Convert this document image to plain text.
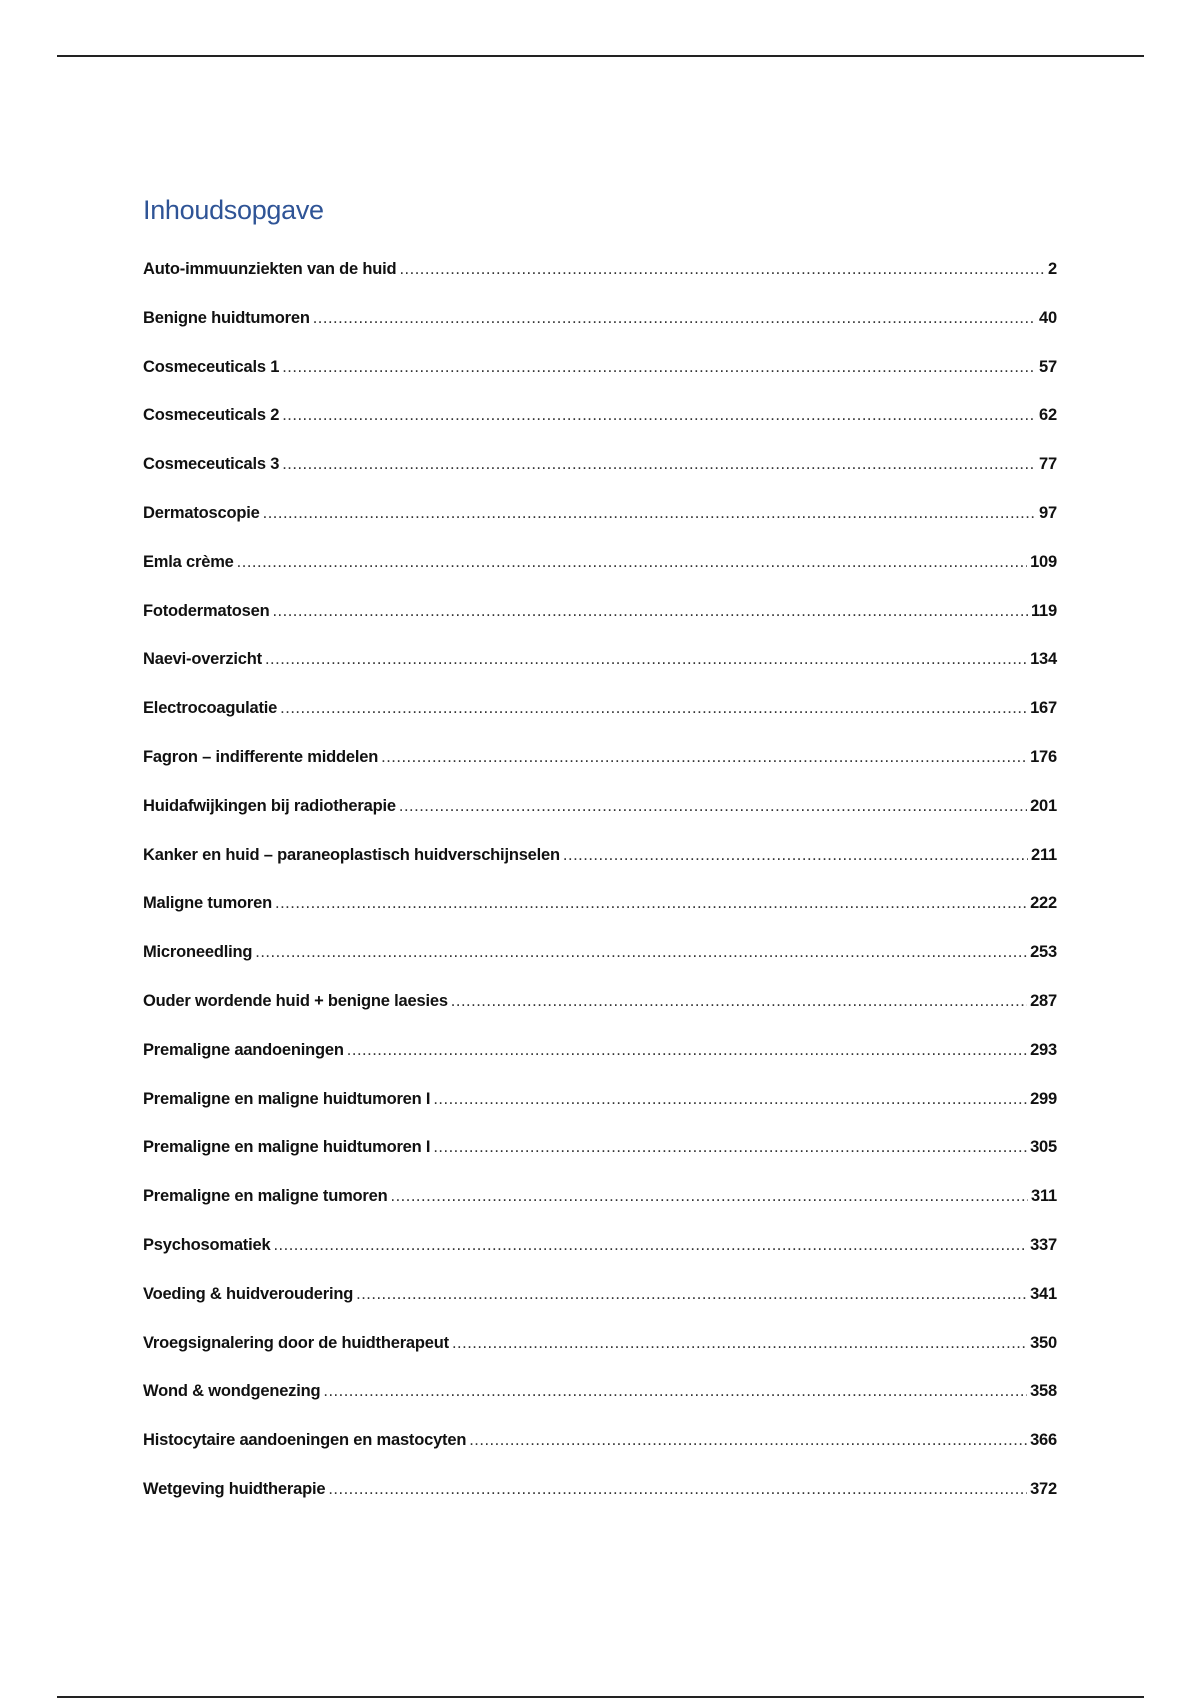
Inhoudsopgave
Auto-immuunziekten van de huid .....	2
Benigne huidtumoren .....	40
Cosmeceuticals 1 .....	57
Cosmeceuticals 2 .....	62
Cosmeceuticals 3 .....	77
Dermatoscopie .....	97
Emla crème .....	109
Fotodermatosen .....	119
Naevi-overzicht .....	134
Electrocoagulatie .....	167
Fagron – indifferente middelen .....	176
Huidafwijkingen bij radiotherapie .....	201
Kanker en huid – paraneoplastisch huidverschijnselen .....	211
Maligne tumoren .....	222
Microneedling .....	253
Ouder wordende huid + benigne laesies .....	287
Premaligne aandoeningen .....	293
Premaligne en maligne huidtumoren I .....	299
Premaligne en maligne huidtumoren I .....	305
Premaligne en maligne tumoren .....	311
Psychosomatiek .....	337
Voeding & huidveroudering .....	341
Vroegsignalering door de huidtherapeut .....	350
Wond & wondgenezing .....	358
Histocytaire aandoeningen en mastocyten .....	366
Wetgeving huidtherapie .....	372
